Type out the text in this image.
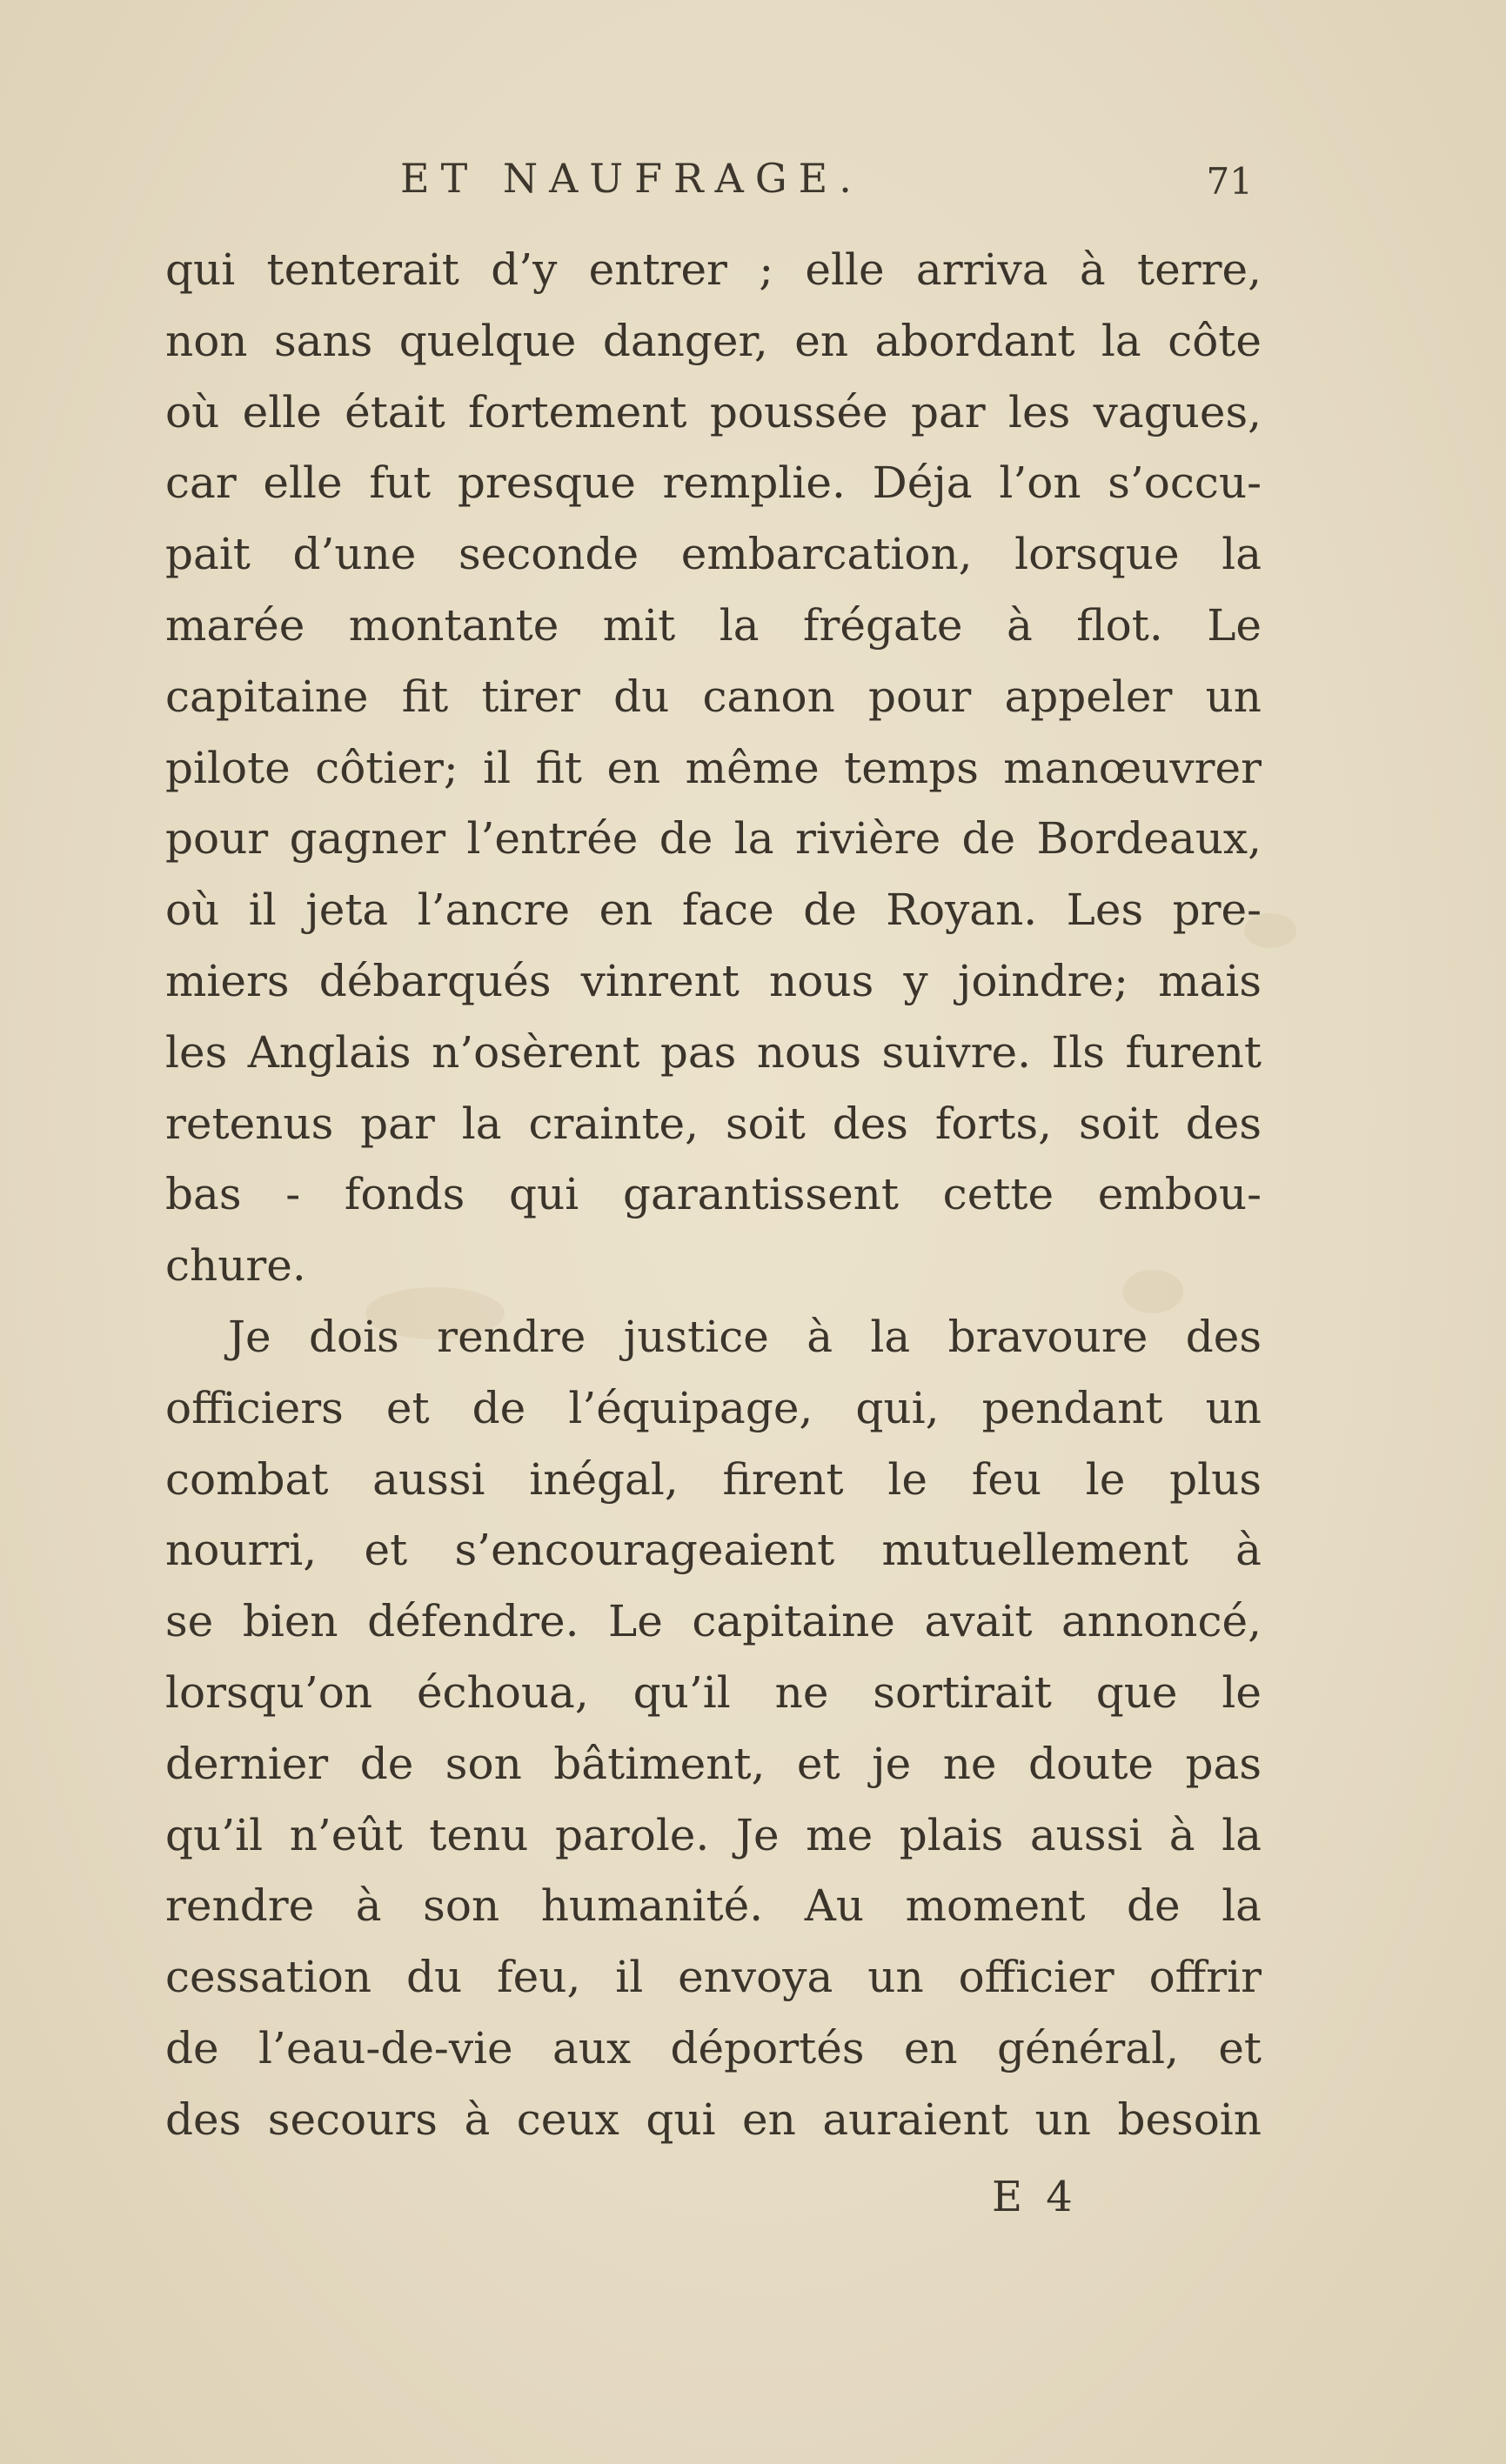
ET NAUFRAGE.	71
qui tenterait d’y entrer ; elle arriva à terre,
non sans quelque danger, en abordant la côte
où elle était fortement poussée par les vagues,
car elle fut presque remplie. Déja l’on s’occu-
pait d’une seconde embarcation, lorsque la
marée montante mit la frégate à flot. Le
capitaine fit tirer du canon pour appeler un
pilote côtier; il fit en même temps manœuvrer
pour gagner l’entrée de la rivière de Bordeaux,
où il jeta l’ancre en face de Royan. Les pre-
miers débarqués vinrent nous y joindre; mais
les Anglais n’osèrent pas nous suivre. Ils furent
retenus par la crainte, soit des forts, soit des
bas - fonds qui garantissent cette embou-
chure.
Je dois rendre justice à la bravoure des
officiers et de l’équipage, qui, pendant un
combat aussi inégal, firent le feu le plus
nourri, et s’encourageaient mutuellement à
se bien défendre. Le capitaine avait annoncé,
lorsqu’on échoua, qu’il ne sortirait que le
dernier de son bâtiment, et je ne doute pas
qu’il n’eût tenu parole. Je me plais aussi à la
rendre à son humanité. Au moment de la
cessation du feu, il envoya un officier offrir
de l’eau-de-vie aux déportés en général, et
des secours à ceux qui en auraient un besoin
E 4
